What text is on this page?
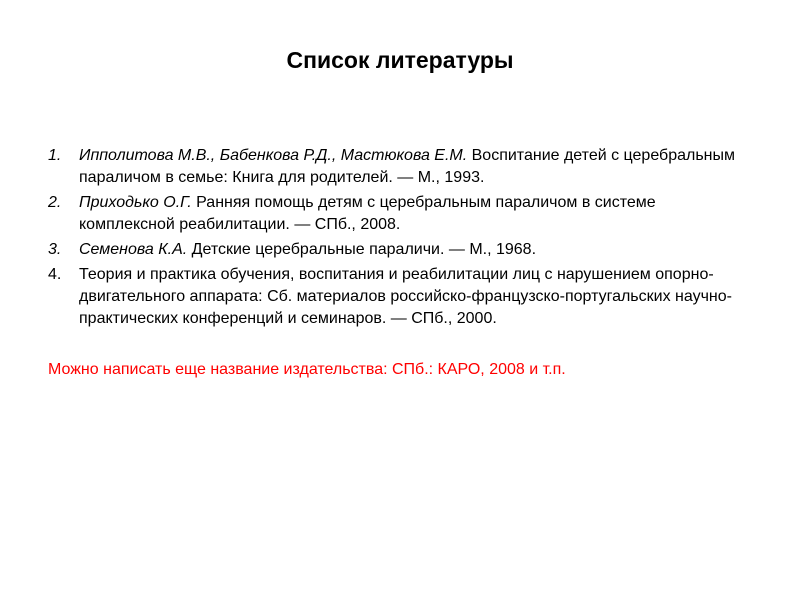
Список литературы
1. Ипполитова М.В., Бабенкова Р.Д., Мастюкова Е.М. Воспитание детей с церебральным параличом в семье: Книга для родителей. — М., 1993.
2. Приходько О.Г. Ранняя помощь детям с церебральным параличом в системе комплексной реабилитации. — СПб., 2008.
3. Семенова К.А. Детские церебральные параличи. — М., 1968.
4. Теория и практика обучения, воспитания и реабилитации лиц с нарушением опорно-двигательного аппарата: Сб. материалов российско-французско-португальских научно-практических конференций и семинаров. — СПб., 2000.
Можно написать еще название издательства: СПб.: КАРО, 2008 и т.п.
